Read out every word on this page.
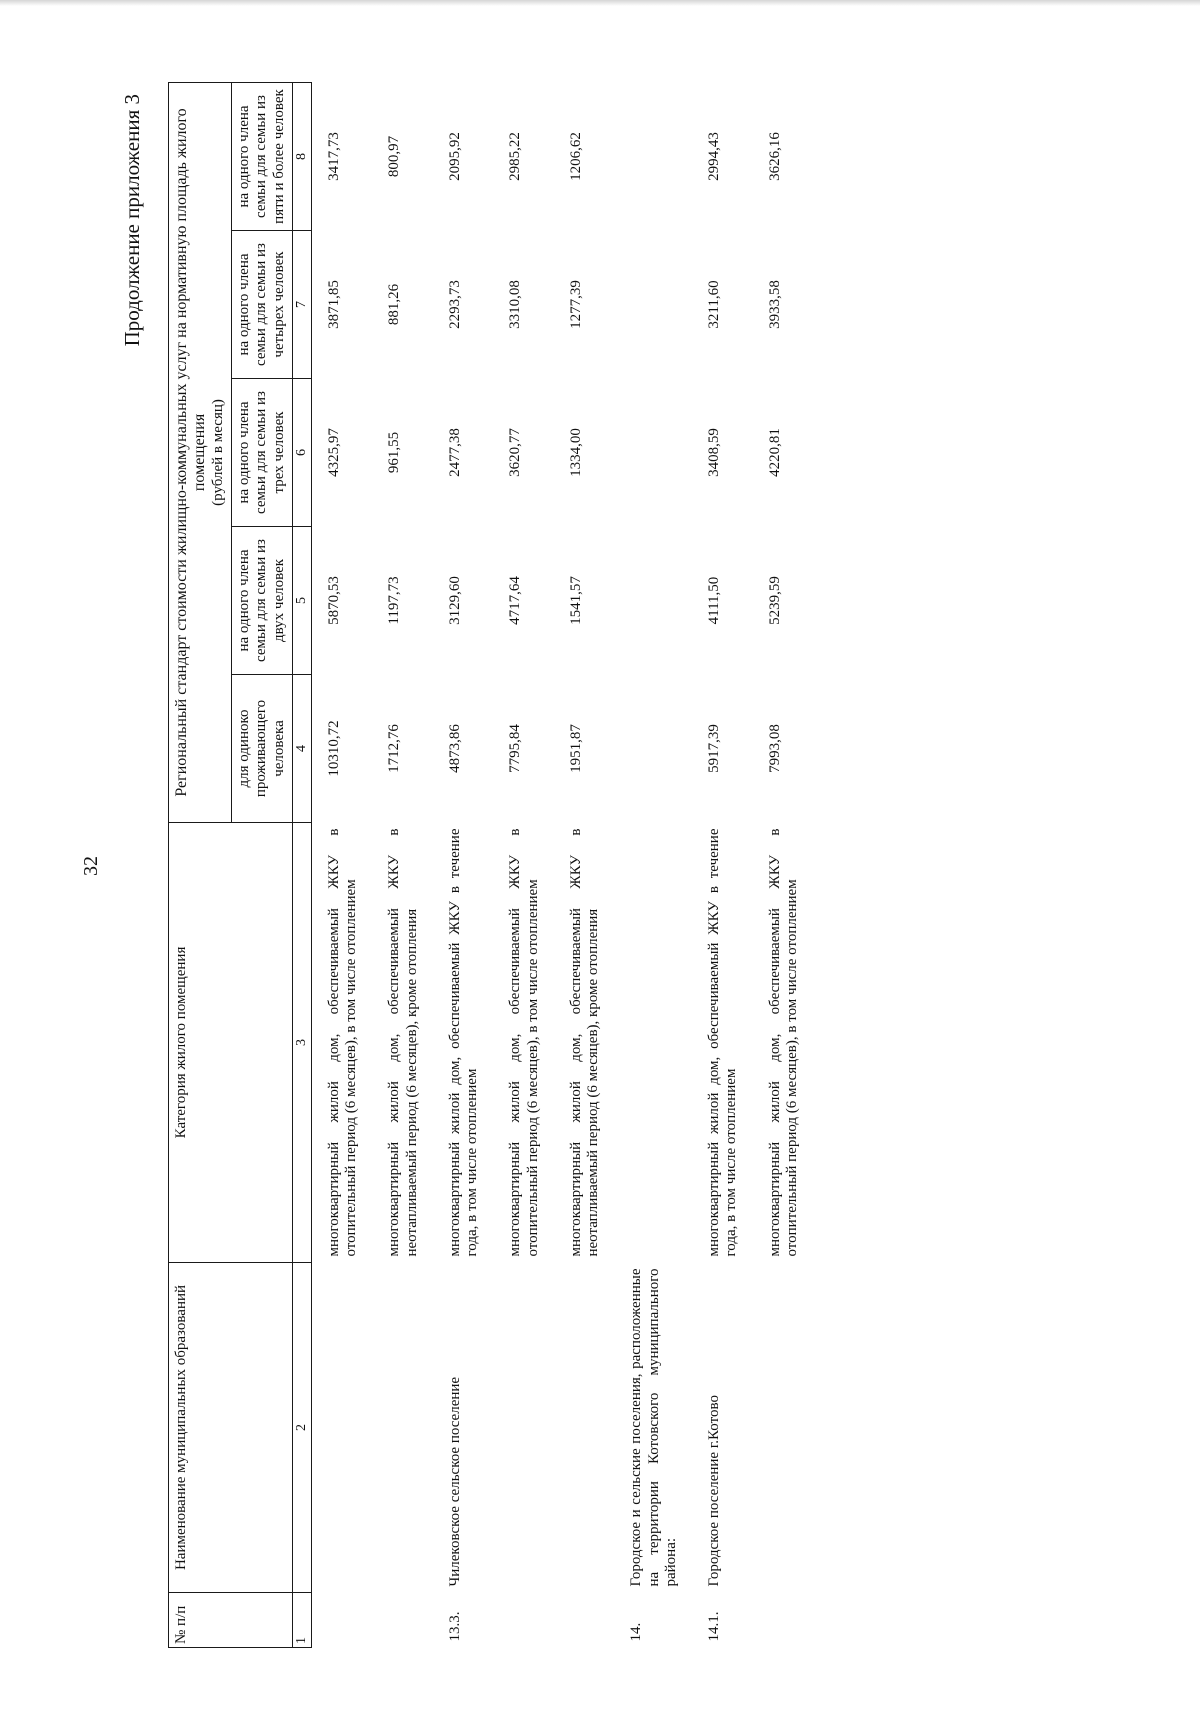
32
Продолжение приложения 3
№ п/п	Наименование муниципальных образований	Категория жилого помещения	Региональный стандарт стоимости жилищно-коммунальных услуг на нормативную площадь жилого помещения (рублей в месяц)				

			для одиноко проживающего человека	на одного члена семьи для семьи из двух человек	на одного члена семьи для семьи из трех человек	на одного члена семьи для семьи из четырех человек	на одного члена семьи для семьи из пяти и более человек
1	2	3	4	5	6	7	8
		многоквартирный жилой дом, обеспечиваемый ЖКУ в отопительный период (6 месяцев), в том числе отоплением	10310,72	5870,53	4325,97	3871,85	3417,73
		многоквартирный жилой дом, обеспечиваемый ЖКУ в неотапливаемый период (6 месяцев), кроме отопления	1712,76	1197,73	961,55	881,26	800,97
13.3.	Чилековское сельское поселение	многоквартирный жилой дом, обеспечиваемый ЖКУ в течение года, в том числе отоплением	4873,86	3129,60	2477,38	2293,73	2095,92
		многоквартирный жилой дом, обеспечиваемый ЖКУ в отопительный период (6 месяцев), в том числе отоплением	7795,84	4717,64	3620,77	3310,08	2985,22
		многоквартирный жилой дом, обеспечиваемый ЖКУ в неотапливаемый период (6 месяцев), кроме отопления	1951,87	1541,57	1334,00	1277,39	1206,62
14.	Городское и сельские поселения, расположенные на территории Котовского муниципального района:						
14.1.	Городское поселение г.Котово	многоквартирный жилой дом, обеспечиваемый ЖКУ в течение года, в том числе отоплением	5917,39	4111,50	3408,59	3211,60	2994,43
		многоквартирный жилой дом, обеспечиваемый ЖКУ в отопительный период (6 месяцев), в том числе отоплением	7993,08	5239,59	4220,81	3933,58	3626,16
